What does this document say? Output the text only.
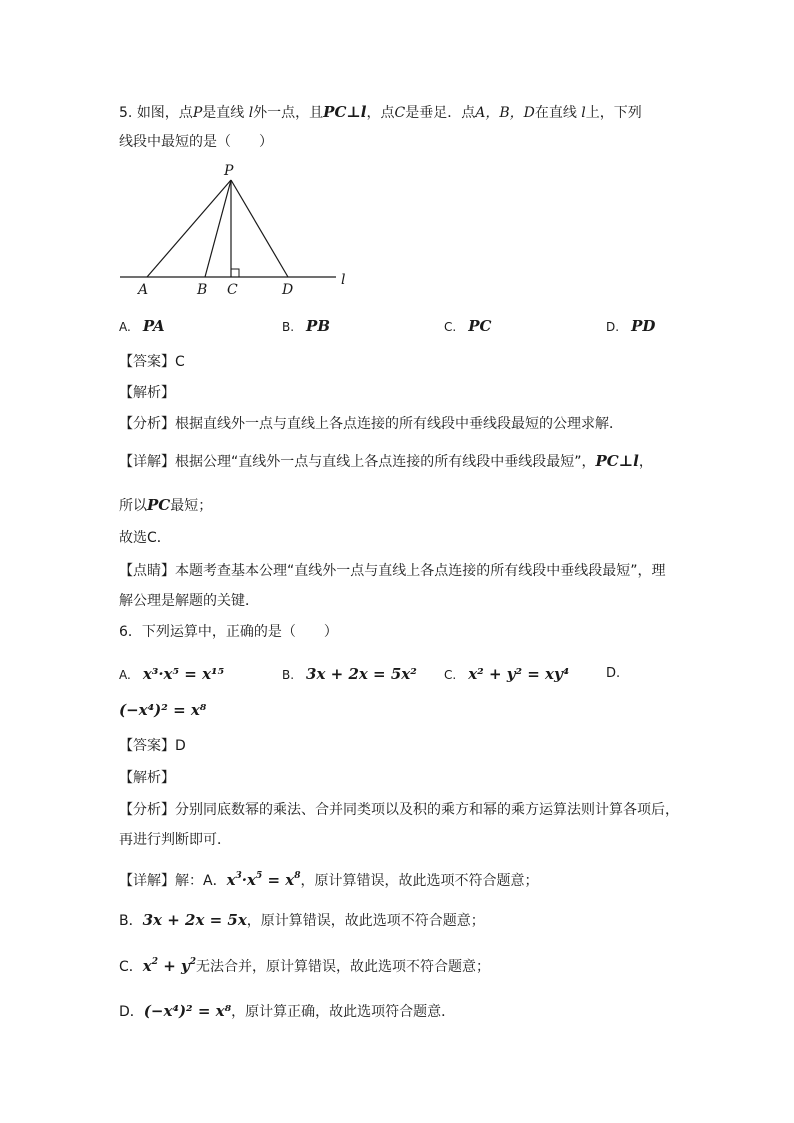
5. 如图，点P是直线 l外一点，且PC⊥l，点C是垂足．点A，B，D在直线 l上，下列
线段中最短的是（　　）
P
A	B C	D
l
A. PA	B. PB	C. PC	D. PD
【答案】C
【解析】
【分析】根据直线外一点与直线上各点连接的所有线段中垂线段最短的公理求解．
【详解】根据公理“直线外一点与直线上各点连接的所有线段中垂线段最短”，PC⊥l，
所以PC最短；
故选C．
【点睛】本题考查基本公理“直线外一点与直线上各点连接的所有线段中垂线段最短”，理
解公理是解题的关键．
6．下列运算中，正确的是（　　）
A. x³·x⁵ = x¹⁵	B. 3x + 2x = 5x² C. x² + y² = xy⁴	D.
(−x⁴)² = x⁸
【答案】D
【解析】
【分析】分别同底数幂的乘法、合并同类项以及积的乘方和幂的乘方运算法则计算各项后，
再进行判断即可．
【详解】解：A．$x^3\cdot x^5 = x^8$，原计算错误，故此选项不符合题意；
B．3x + 2x = 5x，原计算错误，故此选项不符合题意；
C．$x^2 + y^2$无法合并，原计算错误，故此选项不符合题意；
D．(−x⁴)² = x⁸，原计算正确，故此选项符合题意．
